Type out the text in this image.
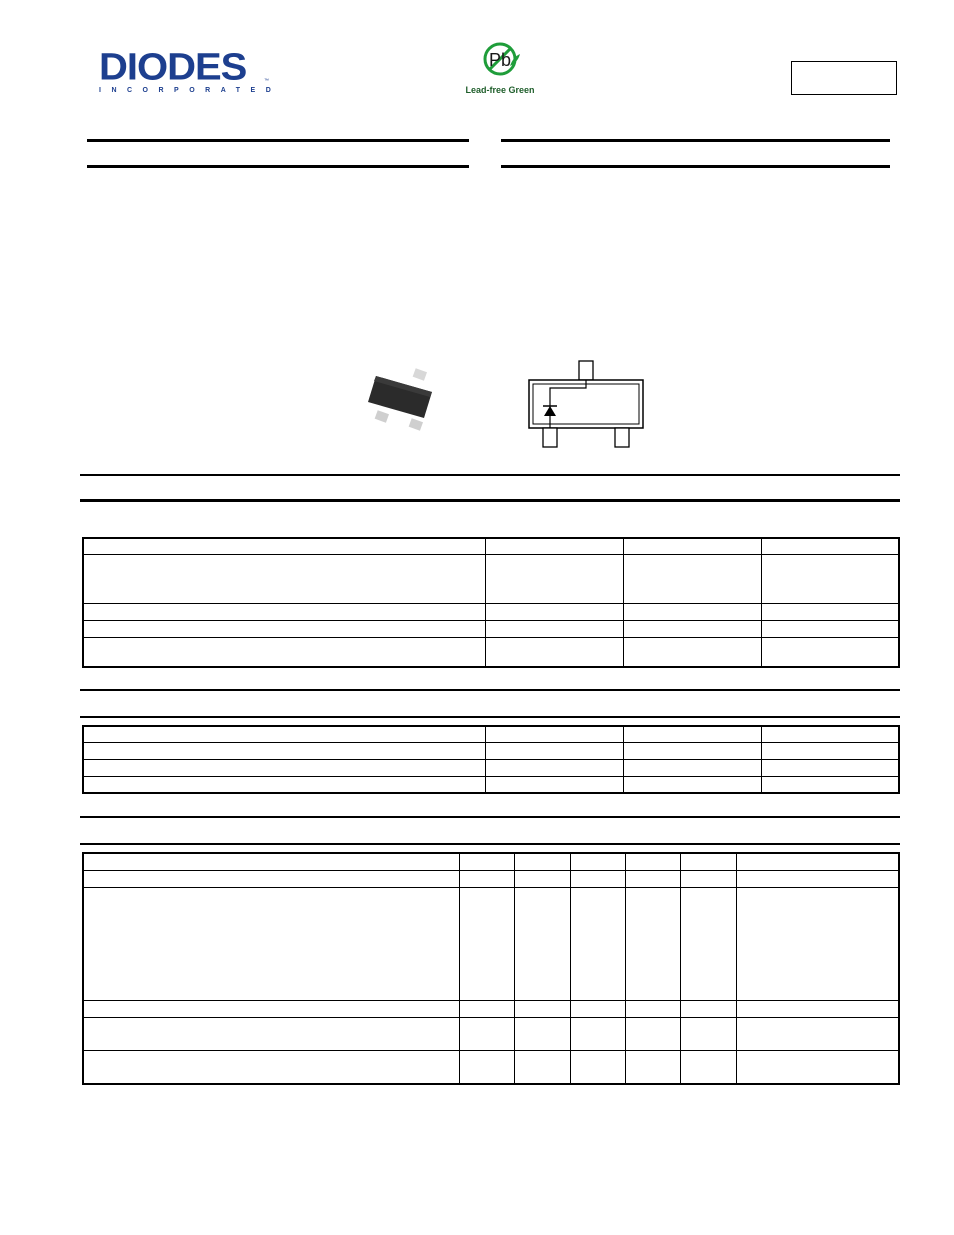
DIODES
INCORPORATED
™
Pb
Lead-free Green
